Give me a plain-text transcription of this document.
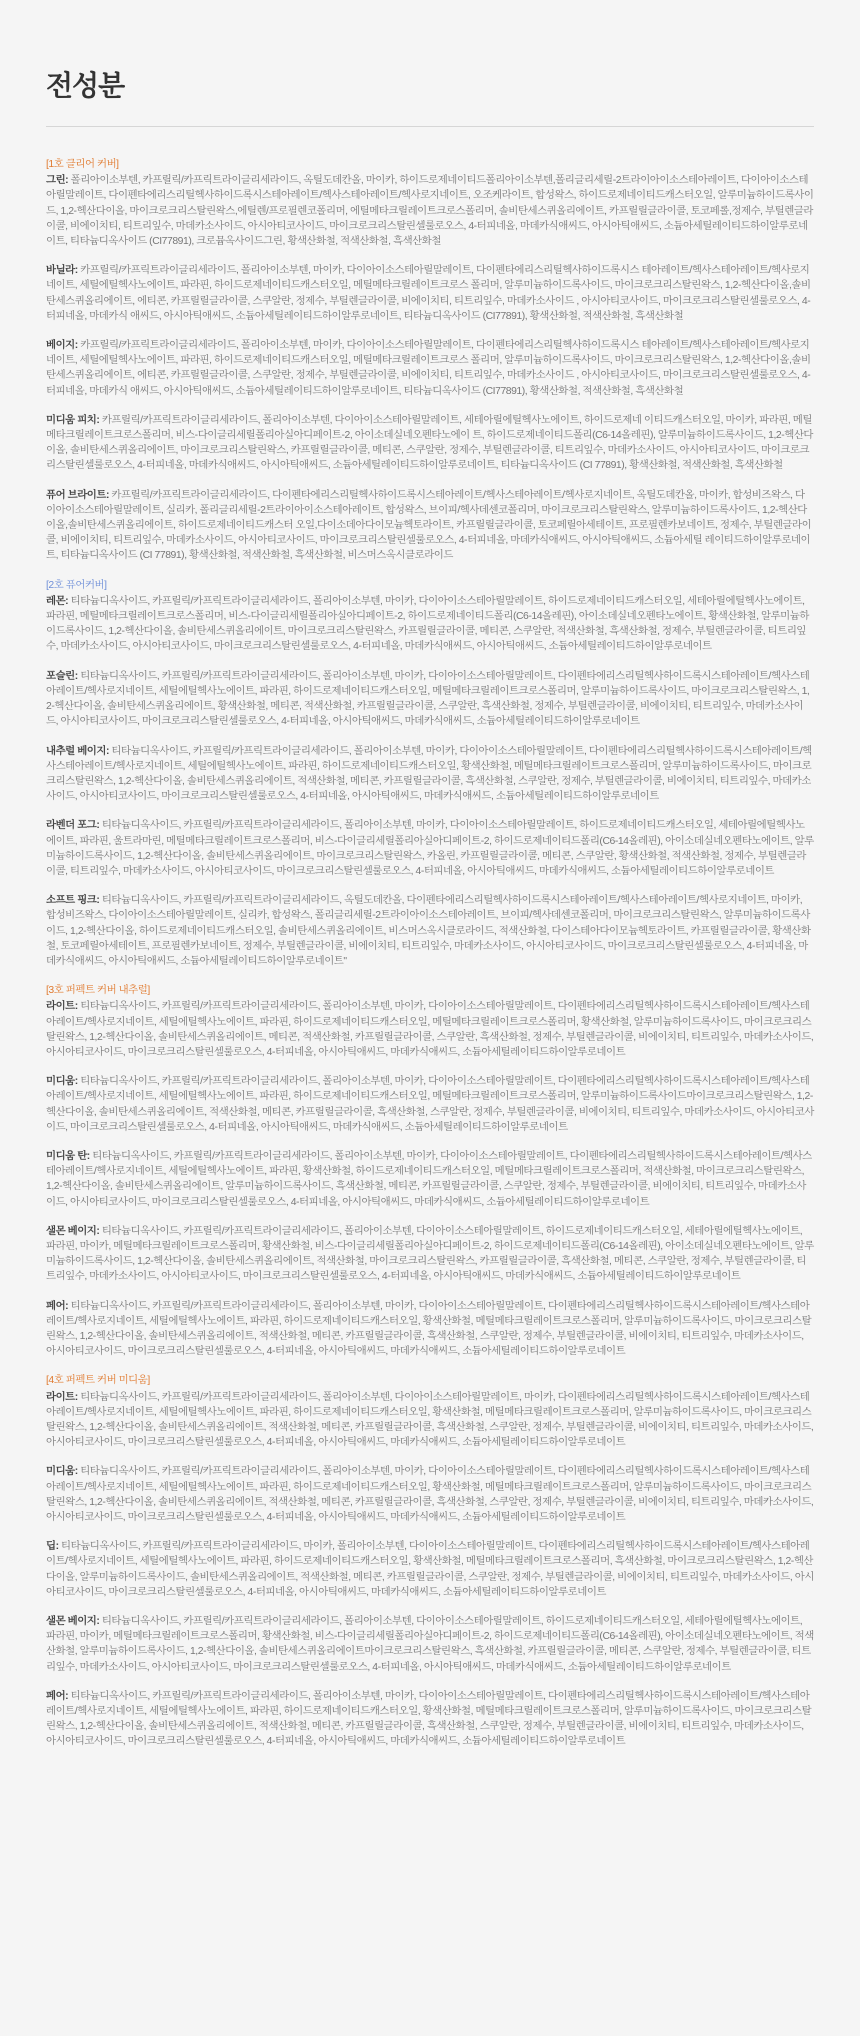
전성분
[1호 클리어 커버]

그린: 폴리아이소부텐, 카프릴릭/카프릭트라이글리세라이드, 옥틸도데칸올, 마이카, 하이드로제네이티드폴리아이소부텐,폴리글리세릴-2트라이아이소스테아레이트, 다이아이소스테아릴말레이트, 다이펜타에리스리틸헥사하이드록시스테아레이트/헥사스테아레이트/헥사로지네이트, 오조케라이트, 합성왁스, 하이드로제네이티드캐스터오일, 알루미늄하이드록사이드, 1,2-헥산다이올, 마이크로크리스탈린왁스,에틸렌/프로필렌코폴리머, 에틸메타크릴레이트크로스폴리머, 솔비탄세스퀴올리에이트, 카프릴릴글라이콜, 토코페롤,정제수, 부틸렌글라이콜, 비에이치티, 티트리잎수, 마데카소사이드, 아시아티코사이드, 마이크로크리스탈린셀룰로오스, 4-터피네올, 마데카식애씨드, 아시아틱애씨드, 소듐아세틸레이티드하이알루로네이트, 티타늄디옥사이드 (CI77891), 크로뮴옥사이드그린, 황색산화철, 적색산화철, 흑색산화철

바닐라: 카프릴릭/카프릭트라이글리세라이드, 폴리아이소부텐, 마이카, 다이아이소스테아릴말레이트, 다이펜타에리스리틸헥사하이드록시스 테아레이트/헥사스테아레이트/헥사로지네이트, 세틸에틸헥사노에이트, 파라핀, 하이드로제네이티드캐스터오일, 메틸메타크릴레이트크로스 폴리머, 알루미늄하이드록사이드, 마이크로크리스탈린왁스, 1,2-헥산다이올,솔비탄세스퀴올리에이트, 에티콘, 카프릴릴글라이콜, 스쿠알란, 정제수, 부틸렌글라이콜, 비에이치티, 티트리잎수, 마데카소사이드 , 아시아티코사이드, 마이크로크리스탈린셀룰로오스, 4-터피네올, 마데카식 애씨드, 아시아틱애씨드, 소듐아세틸레이티드하이알루로네이트, 티타늄디옥사이드 (CI77891), 황색산화철, 적색산화철, 흑색산화철

베이지: 카프릴릭/카프릭트라이글리세라이드, 폴리아이소부텐, 마이카, 다이아이소스테아릴말레이트, 다이펜타에리스리틸헥사하이드록시스 테아레이트/헥사스테아레이트/헥사로지네이트, 세틸에틸헥사노에이트, 파라핀, 하이드로제네이티드캐스터오일, 메틸메타크릴레이트크로스 폴리머, 알루미늄하이드록사이드, 마이크로크리스탈린왁스, 1,2-헥산다이올,솔비탄세스퀴올리에이트, 에티콘, 카프릴릴글라이콜, 스쿠알란, 정제수, 부틸렌글라이콜, 비에이치티, 티트리잎수, 마데카소사이드 , 아시아티코사이드, 마이크로크리스탈린셀룰로오스, 4-터피네올, 마데카식 애씨드, 아시아틱애씨드, 소듐아세틸레이티드하이알루로네이트, 티타늄디옥사이드 (CI77891), 황색산화철, 적색산화철, 흑색산화철

미디움 피치: 카프릴릭/카프릭트라이글리세라이드, 폴리아이소부텐, 다이아이소스테아릴말레이트, 세테아릴에틸헥사노에이트, 하이드로제네 이티드캐스터오일, 마이카, 파라핀, 메틸메타크릴레이트크로스폴리머, 비스-다이글리세릴폴리아실아디페이트-2, 아이소데실네오펜타노에이 트, 하이드로제네이티드폴리(C6-14올레핀), 알루미늄하이드록사이드, 1,2-헥산다이올, 솔비탄세스퀴올리에이트, 마이크로크리스탈린왁스, 카프릴릴글라이콜, 메티콘, 스쿠알란, 정제수, 부틸렌글라이콜, 티트리잎수, 마데카소사이드, 아시아티코사이드, 마이크로크리스탈린셀룰로오스, 4-터피네올, 마데카식애씨드, 아시아틱애씨드, 소듐아세틸레이티드하이알루로네이트, 티타늄디옥사이드 (CI 77891), 황색산화철, 적색산화철, 흑색산화철

퓨어 브라이트: 카프릴릭/카프릭트라이글리세라이드, 다이펜타에리스리틸헥사하이드록시스테아레이트/헥사스테아레이트/헥사로지네이트, 옥틸도데칸올, 마이카, 합성비즈왁스, 다이아이소스테아릴말레이트, 실리카, 폴리글리세릴-2트라이아이소스테아레이트, 합성왁스, 브이피/헥사데센코폴리머, 마이크로크리스탈린왁스, 알루미늄하이드록사이드, 1,2-헥산다이올,솔비탄세스퀴올리에이트, 하이드로제네이티드캐스터 오일,다이소데아다이모늄헥토라이트, 카프릴릴글라이콜, 토코페릴아세테이트, 프로필렌카보네이트, 정제수, 부틸렌글라이콜, 비에이치티, 티트리잎수, 마데카소사이드, 아시아티코사이드, 마이크로크리스탈린셀룰로오스, 4-터피네올, 마데카식애씨드, 아시아틱애씨드, 소듐아세틸 레이티드하이알루로네이트, 티타늄디옥사이드 (CI 77891), 황색산화철, 적색산화철, 흑색산화철, 비스머스옥시클로라이드

[2호 퓨어커버]

레몬: 티타늄디옥사이드, 카프릴릭/카프릭트라이글리세라이드, 폴리아이소부텐, 마이카, 다이아이소스테아릴말레이트, 하이드로제네이티드캐스터오일, 세테아릴에틸헥사노에이트, 파라핀, 메틸메타크릴레이트크로스폴리머, 비스-다이글리세릴폴리아실아디페이트-2, 하이드로제네이티드폴리(C6-14올레핀), 아이소데실네오펜타노에이트, 황색산화철, 알루미늄하이드록사이드, 1,2-헥산다이올, 솔비탄세스퀴올리에이트, 마이크로크리스탈린왁스, 카프릴릴글라이콜, 메티콘, 스쿠알란, 적색산화철, 흑색산화철, 정제수, 부틸렌글라이콜, 티트리잎수, 마데카소사이드, 아시아티코사이드, 마이크로크리스탈린셀룰로오스, 4-터피네올, 마데카식애씨드, 아시아틱애씨드, 소듐아세틸레이티드하이알루로네이트

포슬린: 티타늄디옥사이드, 카프릴릭/카프릭트라이글리세라이드, 폴리아이소부텐, 마이카, 다이아이소스테아릴말레이트, 다이펜타에리스리틸헥사하이드록시스테아레이트/헥사스테아레이트/헥사로지네이트, 세틸에틸헥사노에이트, 파라핀, 하이드로제네이티드캐스터오일, 메틸메타크릴레이트크로스폴리머, 알루미늄하이드록사이드, 마이크로크리스탈린왁스, 1,2-헥산다이올, 솔비탄세스퀴올리에이트, 황색산화철, 메티콘, 적색산화철, 카프릴릴글라이콜, 스쿠알란, 흑색산화철, 정제수, 부틸렌글라이콜, 비에이치티, 티트리잎수, 마데카소사이드, 아시아티코사이드, 마이크로크리스탈린셀룰로오스, 4-터피네올, 아시아틱애씨드, 마데카식애씨드, 소듐아세틸레이티드하이알루로네이트

내추럴 베이지: 티타늄디옥사이드, 카프릴릭/카프릭트라이글리세라이드, 폴리아이소부텐, 마이카, 다이아이소스테아릴말레이트, 다이펜타에리스리틸헥사하이드록시스테아레이트/헥사스테아레이트/헥사로지네이트, 세틸에틸헥사노에이트, 파라핀, 하이드로제네이티드캐스터오일, 황색산화철, 메틸메타크릴레이트크로스폴리머, 알루미늄하이드록사이드, 마이크로크리스탈린왁스, 1,2-헥산다이올, 솔비탄세스퀴올리에이트, 적색산화철, 메티콘, 카프릴릴글라이콜, 흑색산화철, 스쿠알란, 정제수, 부틸렌글라이콜, 비에이치티, 티트리잎수, 마데카소사이드, 아시아티코사이드, 마이크로크리스탈린셀룰로오스, 4-터피네올, 아시아틱애씨드, 마데카식애씨드, 소듐아세틸레이티드하이알루로네이트

라벤더 포그: 티타늄디옥사이드, 카프릴릭/카프릭트라이글리세라이드, 폴리아이소부텐, 마이카, 다이아이소스테아릴말레이트, 하이드로제네이티드캐스터오일, 세테아릴에틸헥사노에이트, 파라핀, 울트라마린, 메틸메타크릴레이트크로스폴리머, 비스-다이글리세릴폴리아실아디페이트-2, 하이드로제네이티드폴리(C6-14올레핀), 아이소데실네오펜타노에이트, 알루미늄하이드록사이드, 1,2-헥산다이올, 솔비탄세스퀴올리에이트, 마이크로크리스탈린왁스, 카올린, 카프릴릴글라이콜, 메티콘, 스쿠알란, 황색산화철, 적색산화철, 정제수, 부틸렌글라이콜, 티트리잎수, 마데카소사이드, 아시아티코사이드, 마이크로크리스탈린셀룰로오스, 4-터피네올, 아시아틱애씨드, 마데카식애씨드, 소듐아세틸레이티드하이알루로네이트

소프트 핑크: 티타늄디옥사이드, 카프릴릭/카프릭트라이글리세라이드, 옥틸도데칸올, 다이펜타에리스리틸헥사하이드록시스테아레이트/헥사스테아레이트/헥사로지네이트, 마이카, 합성비즈왁스, 다이아이소스테아릴말레이트, 실리카, 합성왁스, 폴리글리세릴-2트라이아이소스테아레이트, 브이피/헥사데센코폴리머, 마이크로크리스탈린왁스, 알루미늄하이드록사이드, 1,2-헥산다이올, 하이드로제네이티드캐스터오일, 솔비탄세스퀴올리에이트, 비스머스옥시클로라이드, 적색산화철, 다이스테아다이모늄헥토라이트, 카프릴릴글라이콜, 황색산화철, 토코페릴아세테이트, 프로필렌카보네이트, 정제수, 부틸렌글라이콜, 비에이치티, 티트리잎수, 마데카소사이드, 아시아티코사이드, 마이크로크리스탈린셀룰로오스, 4-터피네올, 마데카식애씨드, 아시아틱애씨드, 소듐아세틸레이티드하이알루로네이트"

[3호 퍼펙트 커버 내추럴]

라이트: 티타늄디옥사이드, 카프릴릭/카프릭트라이글리세라이드, 폴리아이소부텐, 마이카, 다이아이소스테아릴말레이트, 다이펜타에리스리틸헥사하이드록시스테아레이트/헥사스테아레이트/헥사로지네이트, 세틸에틸헥사노에이트, 파라핀, 하이드로제네이티드캐스터오일, 메틸메타크릴레이트크로스폴리머, 황색산화철, 알루미늄하이드록사이드, 마이크로크리스탈린왁스, 1,2-헥산다이올, 솔비탄세스퀴올리에이트, 메티콘, 적색산화철, 카프릴릴글라이콜, 스쿠알란, 흑색산화철, 정제수, 부틸렌글라이콜, 비에이치티, 티트리잎수, 마데카소사이드, 아시아티코사이드, 마이크로크리스탈린셀룰로오스, 4-터피네올, 아시아틱애씨드, 마데카식애씨드, 소듐아세틸레이티드하이알루로네이트

미디움: 티타늄디옥사이드, 카프릴릭/카프릭트라이글리세라이드, 폴리아이소부텐, 마이카, 다이아이소스테아릴말레이트, 다이펜타에리스리틸헥사하이드록시스테아레이트/헥사스테아레이트/헥사로지네이트, 세틸에틸헥사노에이트, 파라핀, 하이드로제네이티드캐스터오일, 메틸메타크릴레이트크로스폴리머, 알루미늄하이드록사이드마이크로크리스탈린왁스, 1,2-헥산다이올, 솔비탄세스퀴올리에이트, 적색산화철, 메티콘, 카프릴릴글라이콜, 흑색산화철, 스쿠알란, 정제수, 부틸렌글라이콜, 비에이치티, 티트리잎수, 마데카소사이드, 아시아티코사이드, 마이크로크리스탈린셀룰로오스, 4-터피네올, 아시아틱애씨드, 마데카식애씨드, 소듐아세틸레이티드하이알루로네이트

미디움 탄: 티타늄디옥사이드, 카프릴릭/카프릭트라이글리세라이드, 폴리아이소부텐, 마이카, 다이아이소스테아릴말레이트, 다이펜타에리스리틸헥사하이드록시스테아레이트/헥사스테아레이트/헥사로지네이트, 세틸에틸헥사노에이트, 파라핀, 황색산화철, 하이드로제네이티드캐스터오일, 메틸메타크릴레이트크로스폴리머, 적색산화철, 마이크로크리스탈린왁스, 1,2-헥산다이올, 솔비탄세스퀴올리에이트, 알루미늄하이드록사이드, 흑색산화철, 메티콘, 카프릴릴글라이콜, 스쿠알란, 정제수, 부틸렌글라이콜, 비에이치티, 티트리잎수, 마데카소사이드, 아시아티코사이드, 마이크로크리스탈린셀룰로오스, 4-터피네올, 아시아틱애씨드, 마데카식애씨드, 소듐아세틸레이티드하이알루로네이트

샐몬 베이지: 티타늄디옥사이드, 카프릴릭/카프릭트라이글리세라이드, 폴리아이소부텐, 다이아이소스테아릴말레이트, 하이드로제네이티드캐스터오일, 세테아릴에틸헥사노에이트, 파라핀, 마이카, 메틸메타크릴레이트크로스폴리머, 황색산화철, 비스-다이글리세릴폴리아실아디페이트-2, 하이드로제네이티드폴리(C6-14올레핀), 아이소데실네오펜타노에이트, 알루미늄하이드록사이드, 1,2-헥산다이올, 솔비탄세스퀴올리에이트, 적색산화철, 마이크로크리스탈린왁스, 카프릴릴글라이콜, 흑색산화철, 메티콘, 스쿠알란, 정제수, 부틸렌글라이콜, 티트리잎수, 마데카소사이드, 아시아티코사이드, 마이크로크리스탈린셀룰로오스, 4-터피네올, 아시아틱애씨드, 마데카식애씨드, 소듐아세틸레이티드하이알루로네이트

페어: 티타늄디옥사이드, 카프릴릭/카프릭트라이글리세라이드, 폴리아이소부텐, 마이카, 다이아이소스테아릴말레이트, 다이펜타에리스리틸헥사하이드록시스테아레이트/헥사스테아레이트/헥사로지네이트, 세틸에틸헥사노에이트, 파라핀, 하이드로제네이티드캐스터오일, 황색산화철, 메틸메타크릴레이트크로스폴리머, 알루미늄하이드록사이드, 마이크로크리스탈린왁스, 1,2-헥산다이올, 솔비탄세스퀴올리에이트, 적색산화철, 메티콘, 카프릴릴글라이콜, 흑색산화철, 스쿠알란, 정제수, 부틸렌글라이콜, 비에이치티, 티트리잎수, 마데카소사이드, 아시아티코사이드, 마이크로크리스탈린셀룰로오스, 4-터피네올, 아시아틱애씨드, 마데카식애씨드, 소듐아세틸레이티드하이알루로네이트

[4호 퍼펙트 커버 미디움]

라이트: 티타늄디옥사이드, 카프릴릭/카프릭트라이글리세라이드, 폴리아이소부텐, 다이아이소스테아릴말레이트, 마이카, 다이펜타에리스리틸헥사하이드록시스테아레이트/헥사스테아레이트/헥사로지네이트, 세틸에틸헥사노에이트, 파라핀, 하이드로제네이티드캐스터오일, 황색산화철, 메틸메타크릴레이트크로스폴리머, 알루미늄하이드록사이드, 마이크로크리스탈린왁스, 1,2-헥산다이올, 솔비탄세스퀴올리에이트, 적색산화철, 메티콘, 카프릴릴글라이콜, 흑색산화철, 스쿠알란, 정제수, 부틸렌글라이콜, 비에이치티, 티트리잎수, 마데카소사이드, 아시아티코사이드, 마이크로크리스탈린셀룰로오스, 4-터피네올, 아시아틱애씨드, 마데카식애씨드, 소듐아세틸레이티드하이알루로네이트

미디움: 티타늄디옥사이드, 카프릴릭/카프릭트라이글리세라이드, 폴리아이소부텐, 마이카, 다이아이소스테아릴말레이트, 다이펜타에리스리틸헥사하이드록시스테아레이트/헥사스테아레이트/헥사로지네이트, 세틸에틸헥사노에이트, 파라핀, 하이드로제네이티드캐스터오일, 황색산화철, 메틸메타크릴레이트크로스폴리머, 알루미늄하이드록사이드, 마이크로크리스탈린왁스, 1,2-헥산다이올, 솔비탄세스퀴올리에이트, 적색산화철, 메티콘, 카프릴릴글라이콜, 흑색산화철, 스쿠알란, 정제수, 부틸렌글라이콜, 비에이치티, 티트리잎수, 마데카소사이드, 아시아티코사이드, 마이크로크리스탈린셀룰로오스, 4-터피네올, 아시아틱애씨드, 마데카식애씨드, 소듐아세틸레이티드하이알루로네이트

딥: 티타늄디옥사이드, 카프릴릭/카프릭트라이글리세라이드, 마이카, 폴리아이소부텐, 다이아이소스테아릴말레이트, 다이펜타에리스리틸헥사하이드록시스테아레이트/헥사스테아레이트/헥사로지네이트, 세틸에틸헥사노에이트, 파라핀, 하이드로제네이티드캐스터오일, 황색산화철, 메틸메타크릴레이트크로스폴리머, 흑색산화철, 마이크로크리스탈린왁스, 1,2-헥산다이올, 알루미늄하이드록사이드, 솔비탄세스퀴올리에이트, 적색산화철, 메티콘, 카프릴릴글라이콜, 스쿠알란, 정제수, 부틸렌글라이콜, 비에이치티, 티트리잎수, 마데카소사이드, 아시아티코사이드, 마이크로크리스탈린셀룰로오스, 4-터피네올, 아시아틱애씨드, 마데카식애씨드, 소듐아세틸레이티드하이알루로네이트

샐몬 베이지: 티타늄디옥사이드, 카프릴릭/카프릭트라이글리세라이드, 폴리아이소부텐, 다이아이소스테아릴말레이트, 하이드로제네이티드캐스터오일, 세테아릴에틸헥사노에이트, 파라핀, 마이카, 메틸메타크릴레이트크로스폴리머, 황색산화철, 비스-다이글리세릴폴리아실아디페이트-2, 하이드로제네이티드폴리(C6-14올레핀), 아이소데실네오펜타노에이트, 적색산화철, 알루미늄하이드록사이드, 1,2-헥산다이올, 솔비탄세스퀴올리에이트마이크로크리스탈린왁스, 흑색산화철, 카프릴릴글라이콜, 메티콘, 스쿠알란, 정제수, 부틸렌글라이콜, 티트리잎수, 마데카소사이드, 아시아티코사이드, 마이크로크리스탈린셀룰로오스, 4-터피네올, 아시아틱애씨드, 마데카식애씨드, 소듐아세틸레이티드하이알루로네이트

페어: 티타늄디옥사이드, 카프릴릭/카프릭트라이글리세라이드, 폴리아이소부텐, 마이카, 다이아이소스테아릴말레이트, 다이펜타에리스리틸헥사하이드록시스테아레이트/헥사스테아레이트/헥사로지네이트, 세틸에틸헥사노에이트, 파라핀, 하이드로제네이티드캐스터오일, 황색산화철, 메틸메타크릴레이트크로스폴리머, 알루미늄하이드록사이드, 마이크로크리스탈린왁스, 1,2-헥산다이올, 솔비탄세스퀴올리에이트, 적색산화철, 메티콘, 카프릴릴글라이콜, 흑색산화철, 스쿠알란, 정제수, 부틸렌글라이콜, 비에이치티, 티트리잎수, 마데카소사이드, 아시아티코사이드, 마이크로크리스탈린셀룰로오스, 4-터피네올, 아시아틱애씨드, 마데카식애씨드, 소듐아세틸레이티드하이알루로네이트
